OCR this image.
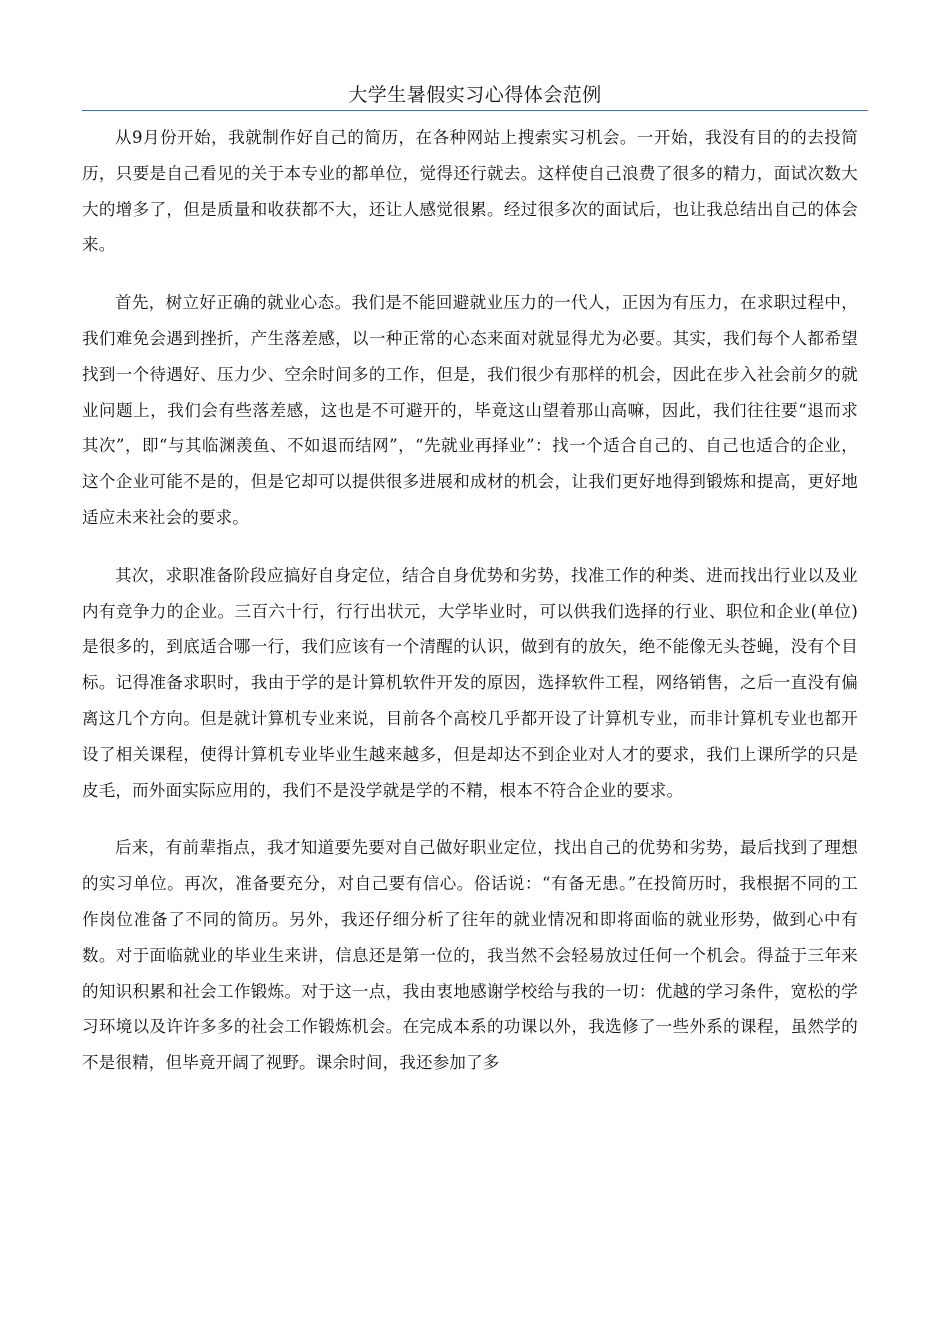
大学生暑假实习心得体会范例

从9月份开始，我就制作好自己的简历，在各种网站上搜索实习机会。一开始，我没有目的的去投简历，只要是自己看见的关于本专业的都单位，觉得还行就去。这样使自己浪费了很多的精力，面试次数大大的增多了，但是质量和收获都不大，还让人感觉很累。经过很多次的面试后，也让我总结出自己的体会来。

首先，树立好正确的就业心态。我们是不能回避就业压力的一代人，正因为有压力，在求职过程中，我们难免会遇到挫折，产生落差感，以一种正常的心态来面对就显得尤为必要。其实，我们每个人都希望找到一个待遇好、压力少、空余时间多的工作，但是，我们很少有那样的机会，因此在步入社会前夕的就业问题上，我们会有些落差感，这也是不可避开的，毕竟这山望着那山高嘛，因此，我们往往要“退而求其次”，即“与其临渊羡鱼、不如退而结网”，“先就业再择业”：找一个适合自己的、自己也适合的企业，这个企业可能不是的，但是它却可以提供很多进展和成材的机会，让我们更好地得到锻炼和提高，更好地适应未来社会的要求。

其次，求职准备阶段应搞好自身定位，结合自身优势和劣势，找准工作的种类、进而找出行业以及业内有竞争力的企业。三百六十行，行行出状元，大学毕业时，可以供我们选择的行业、职位和企业(单位)是很多的，到底适合哪一行，我们应该有一个清醒的认识，做到有的放矢，绝不能像无头苍蝇，没有个目标。记得准备求职时，我由于学的是计算机软件开发的原因，选择软件工程，网络销售，之后一直没有偏离这几个方向。但是就计算机专业来说，目前各个高校几乎都开设了计算机专业，而非计算机专业也都开设了相关课程，使得计算机专业毕业生越来越多，但是却达不到企业对人才的要求，我们上课所学的只是皮毛，而外面实际应用的，我们不是没学就是学的不精，根本不符合企业的要求。

后来，有前辈指点，我才知道要先要对自己做好职业定位，找出自己的优势和劣势，最后找到了理想的实习单位。再次，准备要充分，对自己要有信心。俗话说：“有备无患。”在投简历时，我根据不同的工作岗位准备了不同的简历。另外，我还仔细分析了往年的就业情况和即将面临的就业形势，做到心中有数。对于面临就业的毕业生来讲，信息还是第一位的，我当然不会轻易放过任何一个机会。得益于三年来的知识积累和社会工作锻炼。对于这一点，我由衷地感谢学校给与我的一切：优越的学习条件，宽松的学习环境以及许许多多的社会工作锻炼机会。在完成本系的功课以外，我选修了一些外系的课程，虽然学的不是很精，但毕竟开阔了视野。课余时间，我还参加了多
